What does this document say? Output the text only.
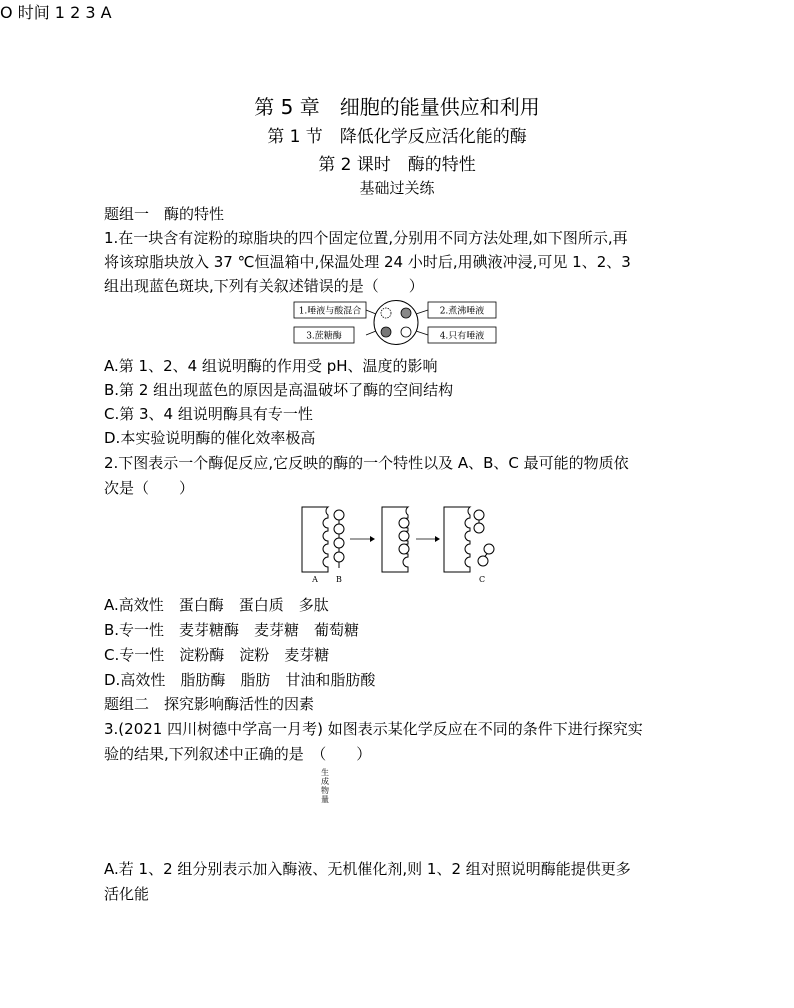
第 5 章　细胞的能量供应和利用
第 1 节　降低化学反应活化能的酶
第 2 课时　酶的特性
基础过关练
题组一　酶的特性
1.在一块含有淀粉的琼脂块的四个固定位置,分别用不同方法处理,如下图所示,再
将该琼脂块放入 37 ℃恒温箱中,保温处理 24 小时后,用碘液冲浸,可见 1、2、3
组出现蓝色斑块,下列有关叙述错误的是（　　）
1.唾液与酸混合	2.煮沸唾液
3.蔗糖酶	4.只有唾液
A.第 1、2、4 组说明酶的作用受 pH、温度的影响
B.第 2 组出现蓝色的原因是高温破坏了酶的空间结构
C.第 3、4 组说明酶具有专一性
D.本实验说明酶的催化效率极高
2.下图表示一个酶促反应,它反映的酶的一个特性以及 A、B、C 最可能的物质依
次是（　　）
A B	C
A.高效性　蛋白酶　蛋白质　多肽
B.专一性　麦芽糖酶　麦芽糖　葡萄糖
C.专一性　淀粉酶　淀粉　麦芽糖
D.高效性　脂肪酶　脂肪　甘油和脂肪酸
题组二　探究影响酶活性的因素
3.(2021 四川树德中学高一月考) 如图表示某化学反应在不同的条件下进行探究实
验的结果,下列叙述中正确的是　（　　）
生成物量
O 时间 1 2 3 A
A.若 1、2 组分别表示加入酶液、无机催化剂,则 1、2 组对照说明酶能提供更多
活化能
